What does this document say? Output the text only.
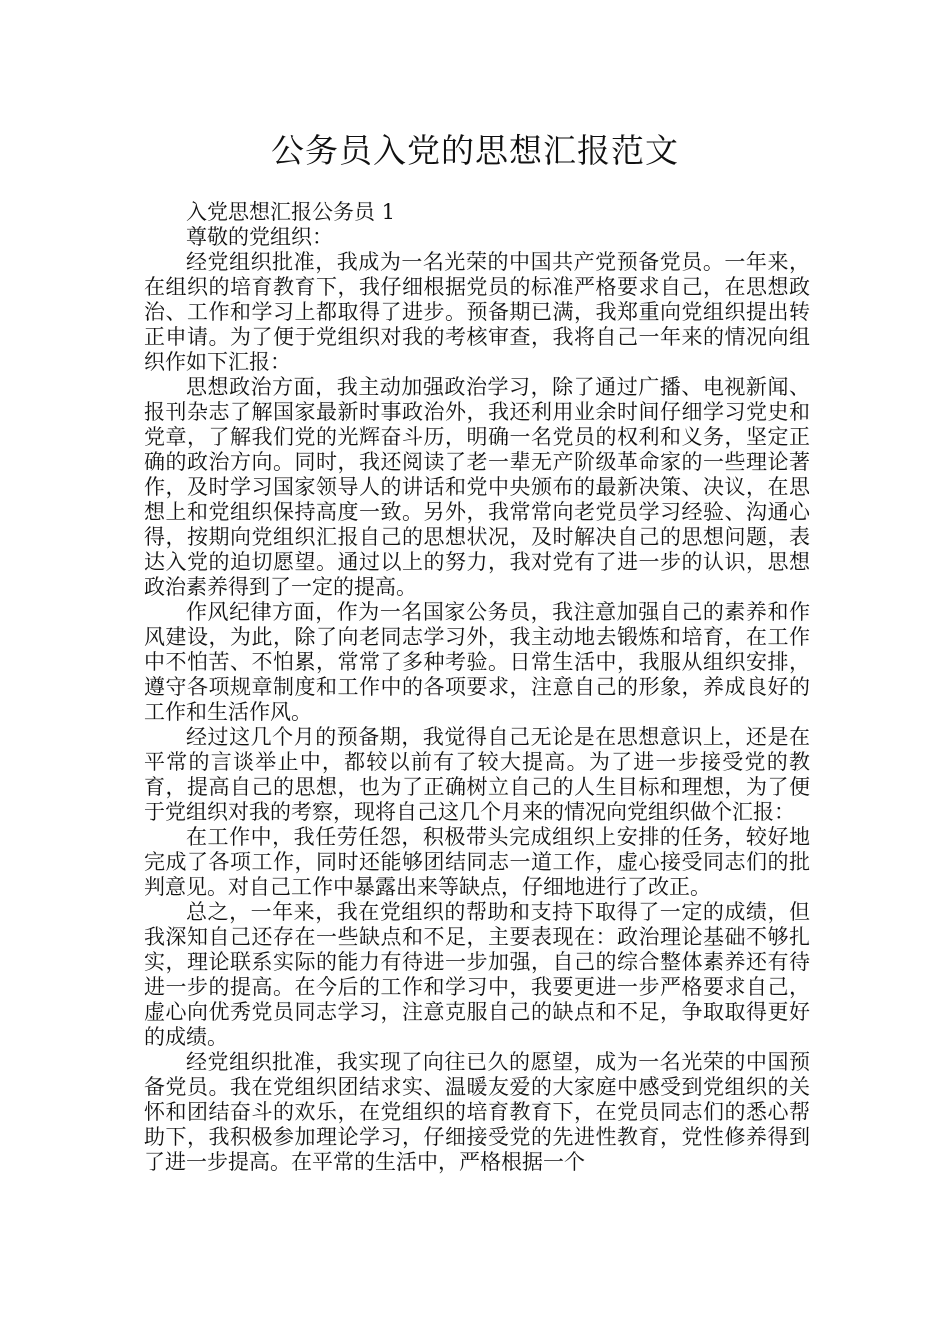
公务员入党的思想汇报范文

入党思想汇报公务员 1

尊敬的党组织：

经党组织批准，我成为一名光荣的中国共产党预备党员。一年来，在组织的培育教育下，我仔细根据党员的标准严格要求自己，在思想政治、工作和学习上都取得了进步。预备期已满，我郑重向党组织提出转正申请。为了便于党组织对我的考核审查，我将自己一年来的情况向组织作如下汇报：

思想政治方面，我主动加强政治学习，除了通过广播、电视新闻、报刊杂志了解国家最新时事政治外，我还利用业余时间仔细学习党史和党章，了解我们党的光辉奋斗历，明确一名党员的权利和义务，坚定正确的政治方向。同时，我还阅读了老一辈无产阶级革命家的一些理论著作，及时学习国家领导人的讲话和党中央颁布的最新决策、决议，在思想上和党组织保持高度一致。另外，我常常向老党员学习经验、沟通心得，按期向党组织汇报自己的思想状况，及时解决自己的思想问题，表达入党的迫切愿望。通过以上的努力，我对党有了进一步的认识，思想政治素养得到了一定的提高。

作风纪律方面，作为一名国家公务员，我注意加强自己的素养和作风建设，为此，除了向老同志学习外，我主动地去锻炼和培育，在工作中不怕苦、不怕累，常常了多种考验。日常生活中，我服从组织安排，遵守各项规章制度和工作中的各项要求，注意自己的形象，养成良好的工作和生活作风。

经过这几个月的预备期，我觉得自己无论是在思想意识上，还是在平常的言谈举止中，都较以前有了较大提高。为了进一步接受党的教育，提高自己的思想，也为了正确树立自己的人生目标和理想，为了便于党组织对我的考察，现将自己这几个月来的情况向党组织做个汇报：

在工作中，我任劳任怨，积极带头完成组织上安排的任务，较好地完成了各项工作，同时还能够团结同志一道工作，虚心接受同志们的批判意见。对自己工作中暴露出来等缺点，仔细地进行了改正。

总之，一年来，我在党组织的帮助和支持下取得了一定的成绩，但我深知自己还存在一些缺点和不足，主要表现在：政治理论基础不够扎实，理论联系实际的能力有待进一步加强，自己的综合整体素养还有待进一步的提高。在今后的工作和学习中，我要更进一步严格要求自己，虚心向优秀党员同志学习，注意克服自己的缺点和不足，争取取得更好的成绩。

经党组织批准，我实现了向往已久的愿望，成为一名光荣的中国预备党员。我在党组织团结求实、温暖友爱的大家庭中感受到党组织的关怀和团结奋斗的欢乐，在党组织的培育教育下，在党员同志们的悉心帮助下，我积极参加理论学习，仔细接受党的先进性教育，党性修养得到了进一步提高。在平常的生活中，严格根据一个
